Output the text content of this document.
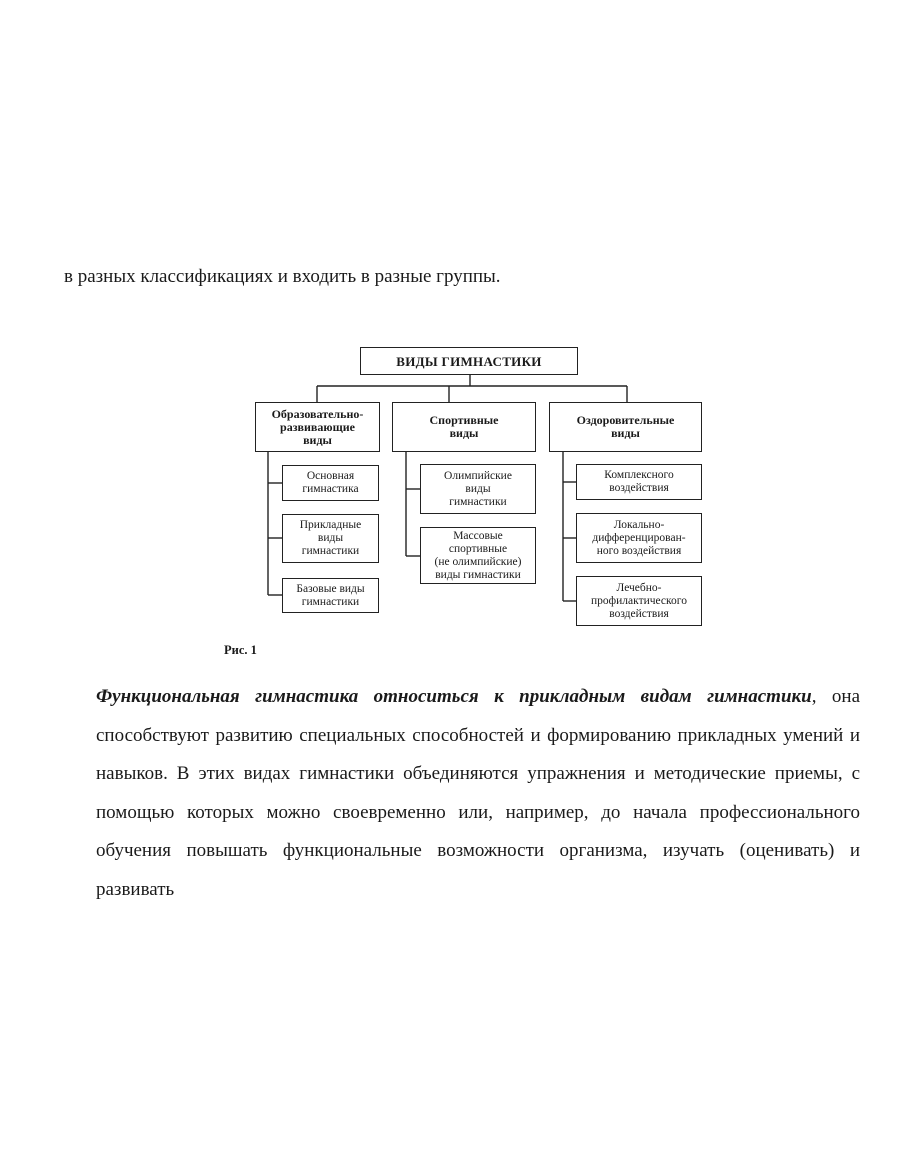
в разных классификациях и входить в разные группы.
ВИДЫ ГИМНАСТИКИ
Образовательно-
развивающие
виды
Спортивные
виды
Оздоровительные
виды
Основная
гимнастика
Прикладные
виды
гимнастики
Базовые виды
гимнастики
Олимпийские
виды
гимнастики
Массовые
спортивные
(не олимпийские)
виды гимнастики
Комплексного
воздействия
Локально-
дифференцирован-
ного воздействия
Лечебно-
профилактического
воздействия
Рис. 1

Функциональная гимнастика относиться к прикладным видам гимнастики, она способствуют развитию специальных способностей и формированию прикладных умений и навыков. В этих видах гимнастики объединяются упражнения и методические приемы, с помощью которых можно своевременно или, например, до начала профессионального обучения повышать функциональные возможности организма, изучать (оценивать) и развивать
